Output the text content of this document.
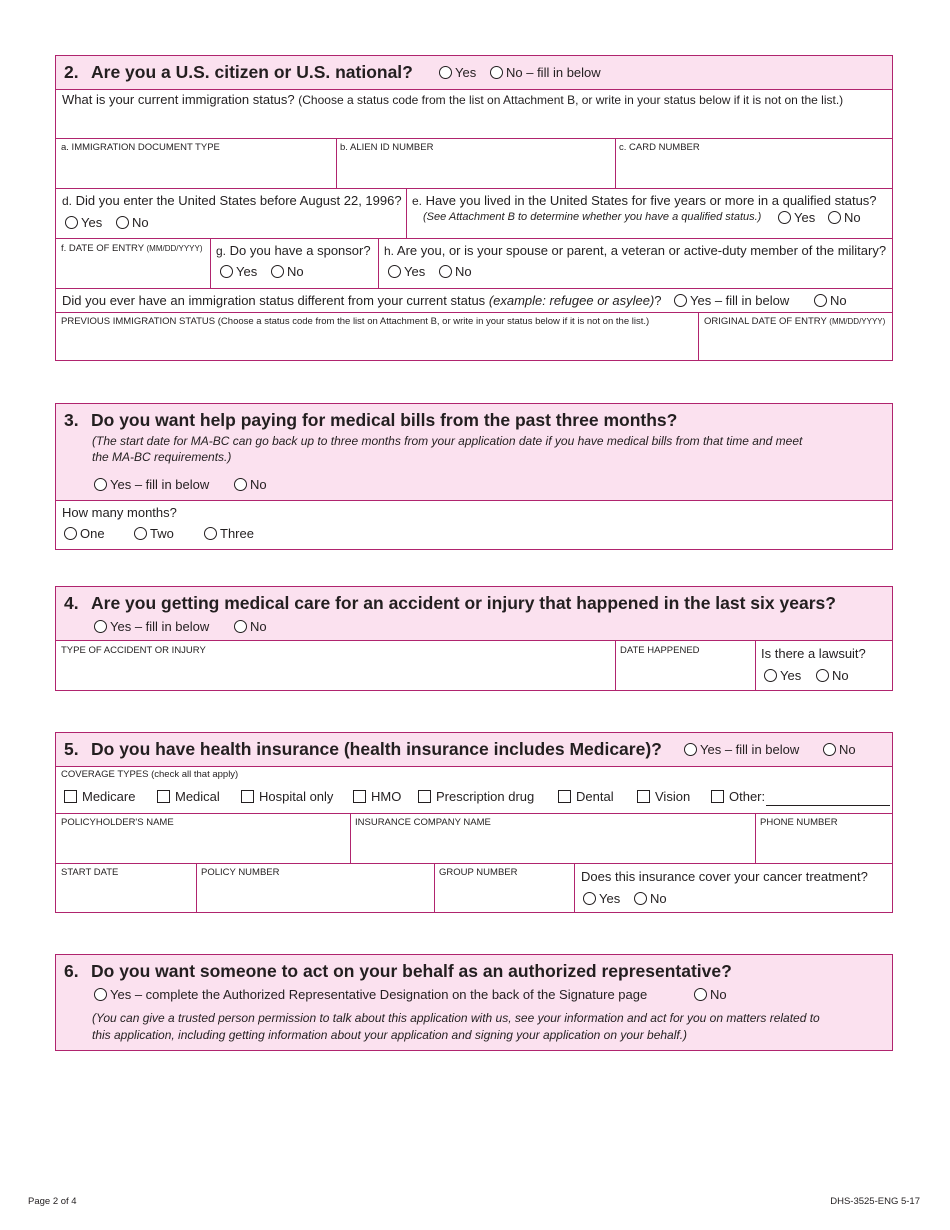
2. Are you a U.S. citizen or U.S. national?	Yes	No – fill in below
What is your current immigration status? (Choose a status code from the list on Attachment B, or write in your status below if it is not on the list.)
a. IMMIGRATION DOCUMENT TYPE	b. ALIEN ID NUMBER	c. CARD NUMBER
d. Did you enter the United States before August 22, 1996?
Yes	No
e. Have you lived in the United States for five years or more in a qualified status?
(See Attachment B to determine whether you have a qualified status.)	Yes	No
f. DATE OF ENTRY (MM/DD/YYYY) g. Do you have a sponsor?
Yes	No
h. Are you, or is your spouse or parent, a veteran or active-duty member of the military?
Yes	No
Did you ever have an immigration status different from your current status (example: refugee or asylee)?	Yes – fill in below	No
PREVIOUS IMMIGRATION STATUS (Choose a status code from the list on Attachment B, or write in your status below if it is not on the list.)	ORIGINAL DATE OF ENTRY (MM/DD/YYYY)
3. Do you want help paying for medical bills from the past three months?
(The start date for MA-BC can go back up to three months from your application date if you have medical bills from that time and meet
the MA-BC requirements.)
Yes – fill in below	No
How many months?
One	Two	Three
4. Are you getting medical care for an accident or injury that happened in the last six years?
Yes – fill in below	No
TYPE OF ACCIDENT OR INJURY	DATE HAPPENED	Is there a lawsuit?
Yes	No
5. Do you have health insurance (health insurance includes Medicare)?	Yes – fill in below	No
COVERAGE TYPES (check all that apply)
Medicare	Medical	Hospital only	HMO	Prescription drug	Dental	Vision	Other:
POLICYHOLDER'S NAME	INSURANCE COMPANY NAME	PHONE NUMBER
START DATE	POLICY NUMBER	GROUP NUMBER	Does this insurance cover your cancer treatment?
Yes	No
6. Do you want someone to act on your behalf as an authorized representative?
Yes – complete the Authorized Representative Designation on the back of the Signature page	No
(You can give a trusted person permission to talk about this application with us, see your information and act for you on matters related to
this application, including getting information about your application and signing your application on your behalf.)
Page 2 of 4	DHS-3525-ENG 5-17
